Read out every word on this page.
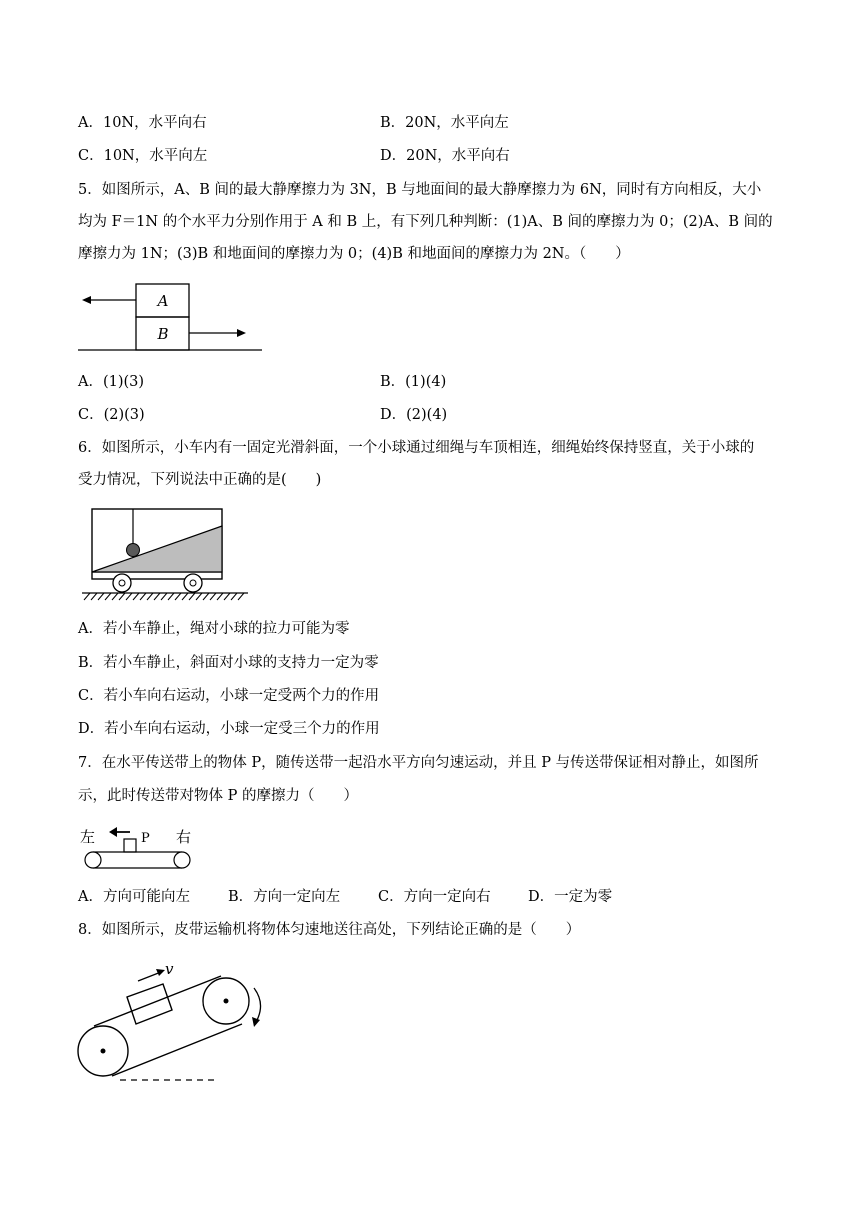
A．10N，水平向右	B．20N，水平向左
C．10N，水平向左	D．20N，水平向右
5．如图所示，A、B 间的最大静摩擦力为 3N，B 与地面间的最大静摩擦力为 6N，同时有方向相反，大小
均为 F＝1N 的个水平力分别作用于 A 和 B 上，有下列几种判断：(1)A、B 间的摩擦力为 0；(2)A、B 间的
摩擦力为 1N；(3)B 和地面间的摩擦力为 0；(4)B 和地面间的摩擦力为 2N。（　　）
A
B
A．(1)(3)	B．(1)(4)
C．(2)(3)	D．(2)(4)
6．如图所示，小车内有一固定光滑斜面，一个小球通过细绳与车顶相连，细绳始终保持竖直，关于小球的
受力情况，下列说法中正确的是(　　)
A．若小车静止，绳对小球的拉力可能为零
B．若小车静止，斜面对小球的支持力一定为零
C．若小车向右运动，小球一定受两个力的作用
D．若小车向右运动，小球一定受三个力的作用
7．在水平传送带上的物体 P，随传送带一起沿水平方向匀速运动，并且 P 与传送带保证相对静止，如图所
示，此时传送带对物体 P 的摩擦力（　　）
左	右
P
A．方向可能向左	B．方向一定向左	C．方向一定向右	D．一定为零
8．如图所示，皮带运输机将物体匀速地送往高处，下列结论正确的是（　　）
v
